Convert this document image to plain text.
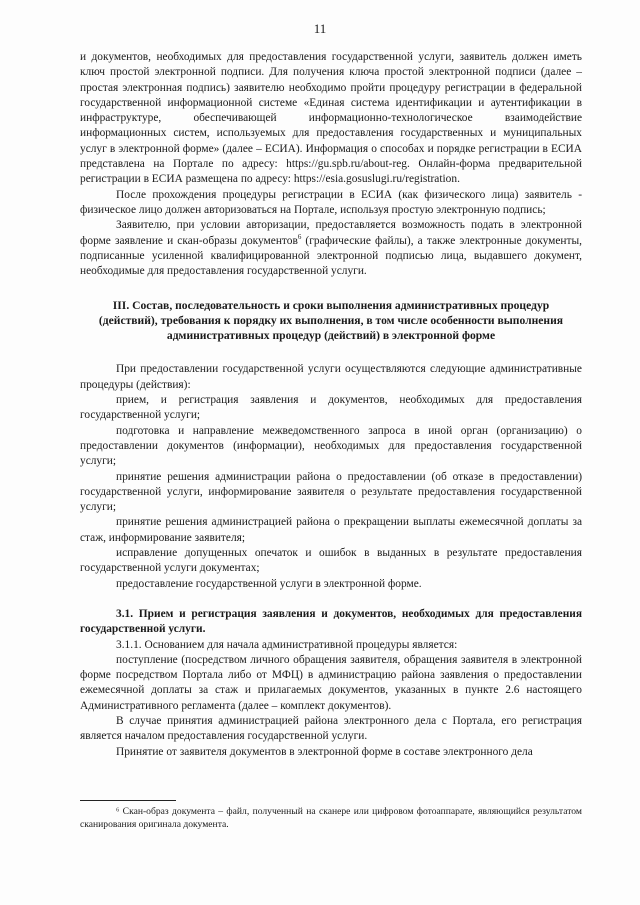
11

и документов, необходимых для предоставления государственной услуги, заявитель должен иметь ключ простой электронной подписи. Для получения ключа простой электронной подписи (далее – простая электронная подпись) заявителю необходимо пройти процедуру регистрации в федеральной государственной информационной системе «Единая система идентификации и аутентификации в инфраструктуре, обеспечивающей информационно-технологическое взаимодействие информационных систем, используемых для предоставления государственных и муниципальных услуг в электронной форме» (далее – ЕСИА). Информация о способах и порядке регистрации в ЕСИА представлена на Портале по адресу: https://gu.spb.ru/about-reg. Онлайн-форма предварительной регистрации в ЕСИА размещена по адресу: https://esia.gosuslugi.ru/registration.

После прохождения процедуры регистрации в ЕСИА (как физического лица) заявитель - физическое лицо должен авторизоваться на Портале, используя простую электронную подпись;

Заявителю, при условии авторизации, предоставляется возможность подать в электронной форме заявление и скан-образы документов$^6$ (графические файлы), а также электронные документы, подписанные усиленной квалифицированной электронной подписью лица, выдавшего документ, необходимые для предоставления государственной услуги.

III. Состав, последовательность и сроки выполнения административных процедур (действий), требования к порядку их выполнения, в том числе особенности выполнения административных процедур (действий) в электронной форме

При предоставлении государственной услуги осуществляются следующие административные процедуры (действия):

прием, и регистрация заявления и документов, необходимых для предоставления государственной услуги;

подготовка и направление межведомственного запроса в иной орган (организацию) о предоставлении документов (информации), необходимых для предоставления государственной услуги;

принятие решения администрации района о предоставлении (об отказе в предоставлении) государственной услуги, информирование заявителя о результате предоставления государственной услуги;

принятие решения администрацией района о прекращении выплаты ежемесячной доплаты за стаж, информирование заявителя;

исправление допущенных опечаток и ошибок в выданных в результате предоставления государственной услуги документах;

предоставление государственной услуги в электронной форме.

3.1. Прием и регистрация заявления и документов, необходимых для предоставления государственной услуги.

3.1.1. Основанием для начала административной процедуры является:

поступление (посредством личного обращения заявителя, обращения заявителя в электронной форме посредством Портала либо от МФЦ) в администрацию района заявления о предоставлении ежемесячной доплаты за стаж и прилагаемых документов, указанных в пункте 2.6 настоящего Административного регламента (далее – комплект документов).

В случае принятия администрацией района электронного дела с Портала, его регистрация является началом предоставления государственной услуги.

Принятие от заявителя документов в электронной форме в составе электронного дела

⁶ Скан-образ документа – файл, полученный на сканере или цифровом фотоаппарате, являющийся результатом сканирования оригинала документа.
